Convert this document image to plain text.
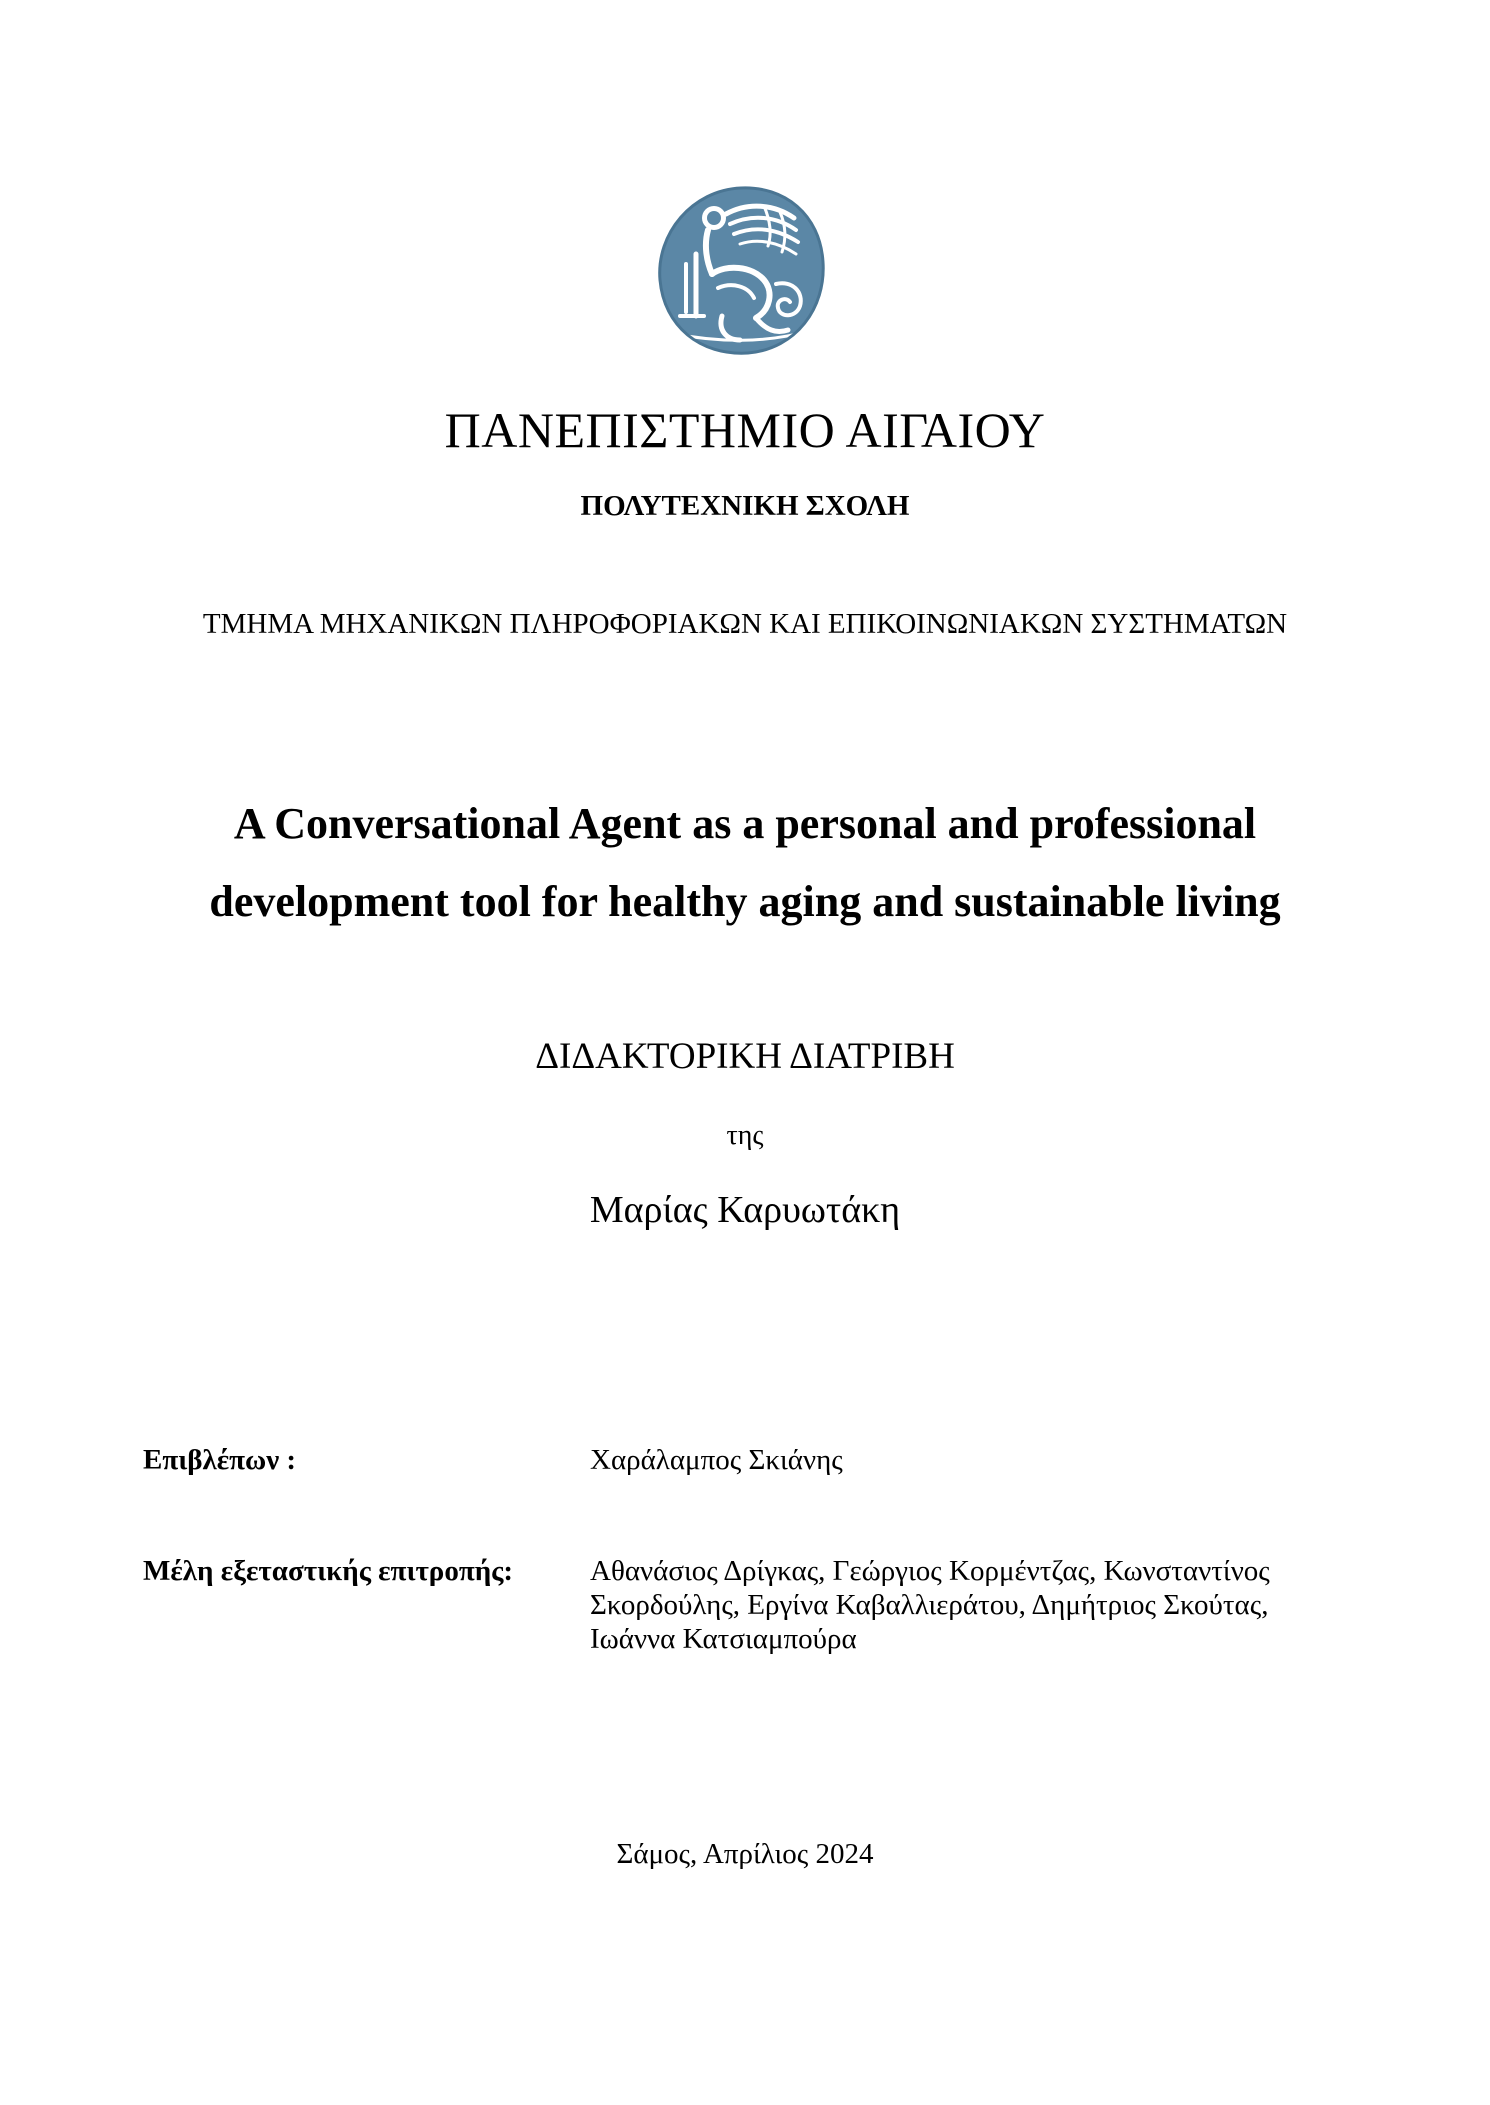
ΠΑΝΕΠΙΣΤΗΜΙΟ ΑΙΓΑΙΟΥ
ΠΟΛΥΤΕΧΝΙΚΗ ΣΧΟΛΗ
ΤΜΗΜΑ ΜΗΧΑΝΙΚΩΝ ΠΛΗΡΟΦΟΡΙΑΚΩΝ ΚΑΙ ΕΠΙΚΟΙΝΩΝΙΑΚΩΝ ΣΥΣΤΗΜΑΤΩΝ
A Conversational Agent as a personal and professional
development tool for healthy aging and sustainable living
ΔΙΔΑΚΤΟΡΙΚΗ ΔΙΑΤΡΙΒΗ
της
Μαρίας Καρυωτάκη
Επιβλέπων :	Χαράλαμπος Σκιάνης
Μέλη εξεταστικής επιτροπής:	Αθανάσιος Δρίγκας, Γεώργιος Κορμέντζας, Κωνσταντίνος
Σκορδούλης, Εργίνα Καβαλλιεράτου, Δημήτριος Σκούτας,
Ιωάννα Κατσιαμπούρα
Σάμος, Απρίλιος 2024
